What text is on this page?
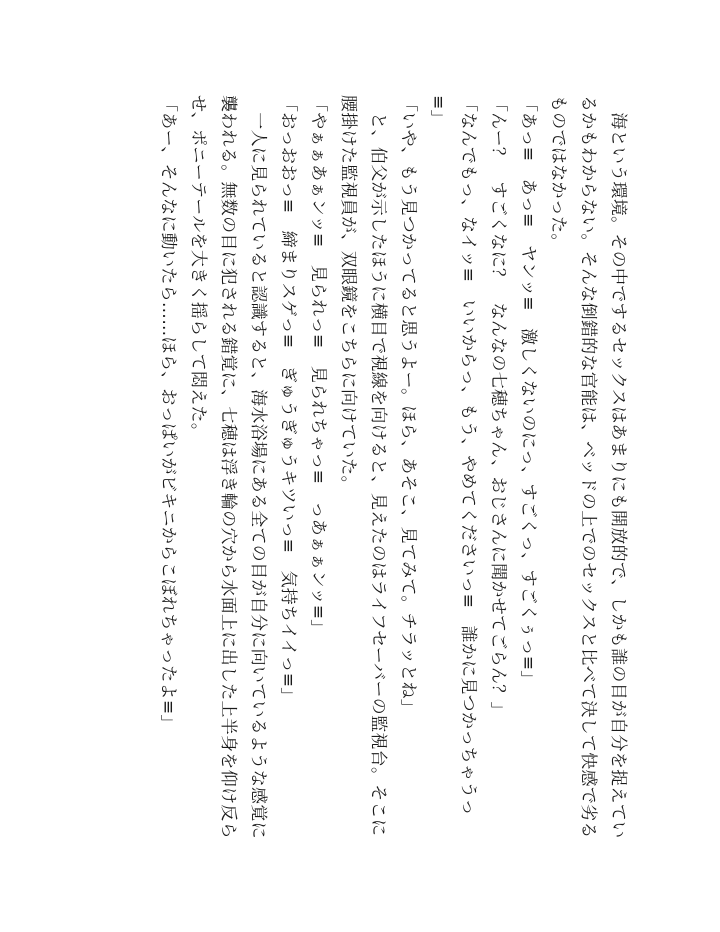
　海という環境。その中でするセックスはあまりにも開放的で、しかも誰の目が自分を捉えてい
るかもわからない。そんな倒錯的な官能は、ベッドの上でのセックスと比べて決して快感で劣る
ものではなかった。
「あっ≡　あっ≡　ヤンッ≡　激しくないのにっ、すごくっ、すごくぅっ≡」
「んー？　すごくなに？　なんなの七穂ちゃん、おじさんに聞かせてごらん？」
「なんでもっ、なイッ≡　いいからっ、もう、やめてくださいっ≡　誰かに見つかっちゃうっ
≡」
「いや、もう見つかってると思うよー。ほら、あそこ、見てみて。チラッとね」
　と、伯父が示したほうに横目で視線を向けると、見えたのはライフセーバーの監視台。そこに
腰掛けた監視員が、双眼鏡をこちらに向けていた。
「やぁぁあぁンッ≡　見られっ≡　見られちゃっ≡　っあぁぁンッ≡」
「おっおおっ≡　締まりスゲっ≡　ぎゅうぎゅうキツいっ≡　気持ちイイっ≡」
　一人に見られていると認識すると、海水浴場にある全ての目が自分に向いているような感覚に
襲われる。無数の目に犯される錯覚に、七穂は浮き輪の穴から水面上に出した上半身を仰け反ら
せ、ポニーテールを大きく揺らして悶えた。
「あー、そんなに動いたら……ほら、おっぱいがビキニからこぼれちゃったよ≡」
